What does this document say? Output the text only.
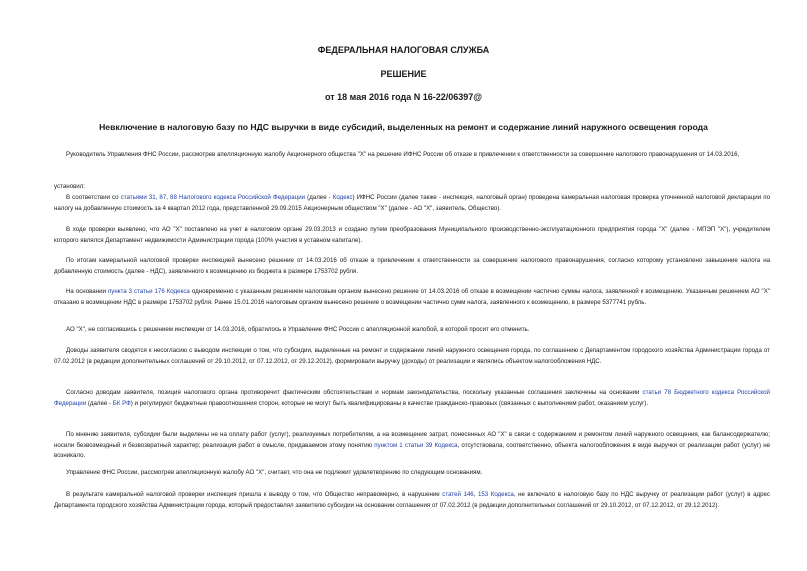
ФЕДЕРАЛЬНАЯ НАЛОГОВАЯ СЛУЖБА
РЕШЕНИЕ
от 18 мая 2016 года N 16-22/06397@
Невключение в налоговую базу по НДС выручки в виде субсидий, выделенных на ремонт и содержание линий наружного освещения города

Руководитель Управления ФНС России, рассмотрев апелляционную жалобу Акционерного общества "Х" на решение ИФНС России об отказе в привлечении к ответственности за совершение налогового правонарушения от 14.03.2016,

установил:

В соответствии со статьями 31, 87, 88 Налогового кодекса Российской Федерации (далее - Кодекс) ИФНС России (далее также - инспекция, налоговый орган) проведена камеральная налоговая проверка уточненной налоговой декларации по налогу на добавленную стоимость за 4 квартал 2012 года, представленной 29.09.2015 Акционерным обществом "Х" (далее - АО "Х", заявитель, Общество).

В ходе проверки выявлено, что АО "Х" поставлено на учет в налоговом органе 29.03.2013 и создано путем преобразования Муниципального производственно-эксплуатационного предприятия города "Х" (далее - МПЭП "Х"), учредителем которого являлся Департамент недвижимости Администрации города (100% участия в уставном капитале).

По итогам камеральной налоговой проверки инспекцией вынесено решение от 14.03.2016 об отказе в привлечении к ответственности за совершение налогового правонарушения, согласно которому установлено завышение налога на добавленную стоимость (далее - НДС), заявленного к возмещению из бюджета в размере 1753702 рубля.

На основании пункта 3 статьи 176 Кодекса одновременно с указанным решением налоговым органом вынесено решение от 14.03.2016 об отказе в возмещении частично суммы налога, заявленной к возмещению. Указанным решением АО "Х" отказано в возмещении НДС в размере 1753702 рубля. Ранее 15.01.2016 налоговым органом вынесено решение о возмещении частично сумм налога, заявленного к возмещению, в размере 5377741 рубль.

АО "Х", не согласившись с решением инспекции от 14.03.2016, обратилось в Управление ФНС России с апелляционной жалобой, в которой просит его отменить.

Доводы заявителя сводятся к несогласию с выводом инспекции о том, что субсидии, выделенные на ремонт и содержание линий наружного освещения города, по соглашению с Департаментом городского хозяйства Администрации города от 07.02.2012 (в редакции дополнительных соглашений от 29.10.2012, от 07.12.2012, от 29.12.2012), формировали выручку (доходы) от реализации и являлись объектом налогообложения НДС.

Согласно доводам заявителя, позиция налогового органа противоречит фактическим обстоятельствам и нормам законодательства, поскольку указанные соглашения заключены на основании статьи 78 Бюджетного кодекса Российской Федерации (далее - БК РФ) и регулируют бюджетные правоотношения сторон, которые не могут быть квалифицированы в качестве гражданско-правовых (связанных с выполнением работ, оказанием услуг).

По мнению заявителя, субсидии были выделены не на оплату работ (услуг), реализуемых потребителям, а на возмещение затрат, понесенных АО "Х" в связи с содержанием и ремонтом линий наружного освещения, как балансодержателю; носили безвозмездный и безвозвратный характер; реализация работ в смысле, придаваемом этому понятию пунктом 1 статьи 39 Кодекса, отсутствовала, соответственно, объекта налогообложения в виде выручки от реализации работ (услуг) не возникало.

Управление ФНС России, рассмотрев апелляционную жалобу АО "Х", считает, что она не подлежит удовлетворению по следующим основаниям.

В результате камеральной налоговой проверки инспекция пришла к выводу о том, что Общество неправомерно, в нарушение статей 146, 153 Кодекса, не включало в налоговую базу по НДС выручку от реализации работ (услуг) в адрес Департамента городского хозяйства Администрации города, который предоставлял заявителю субсидии на основании соглашения от 07.02.2012 (в редакции дополнительных соглашений от 29.10.2012, от 07.12.2012, от 29.12.2012).
